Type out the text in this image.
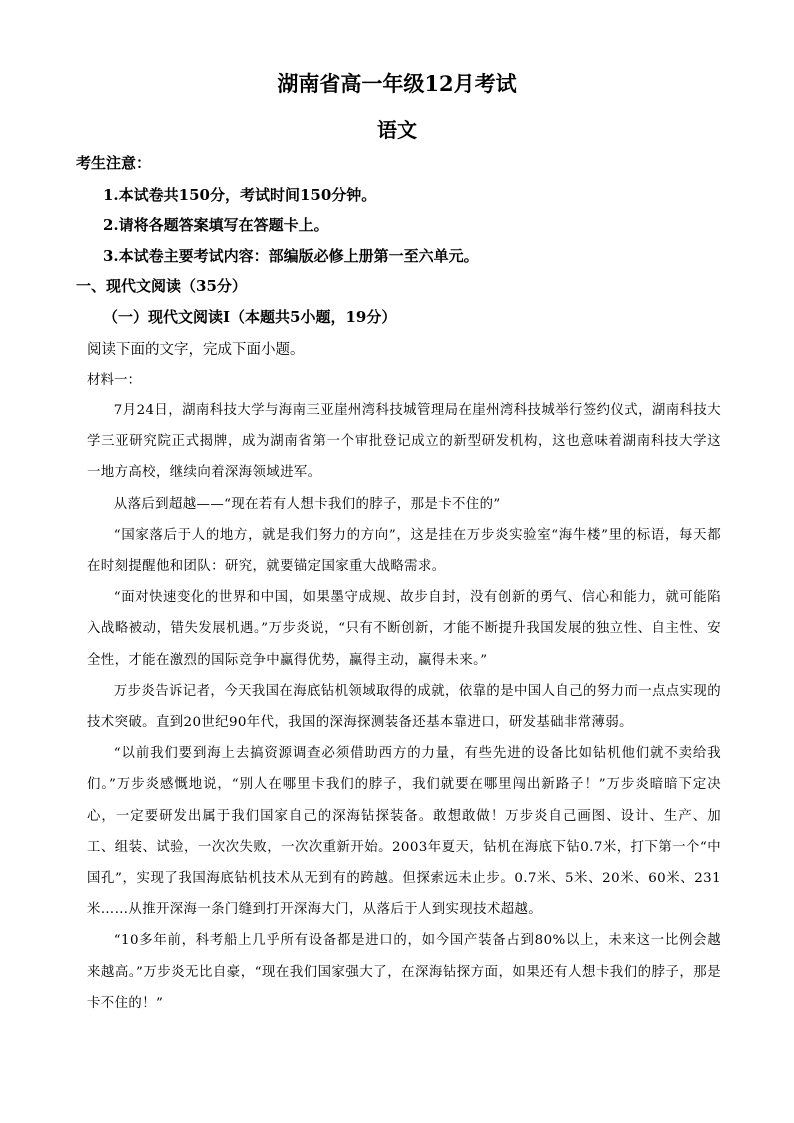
湖南省高一年级12月考试
语文
考生注意：
1.本试卷共150分，考试时间150分钟。
2.请将各题答案填写在答题卡上。
3.本试卷主要考试内容：部编版必修上册第一至六单元。
一、现代文阅读（35分）
（一）现代文阅读Ⅰ（本题共5小题，19分）
阅读下面的文字，完成下面小题。
材料一：

7月24日，湖南科技大学与海南三亚崖州湾科技城管理局在崖州湾科技城举行签约仪式，湖南科技大学三亚研究院正式揭牌，成为湖南省第一个审批登记成立的新型研发机构，这也意味着湖南科技大学这一地方高校，继续向着深海领域进军。

从落后到超越——“现在若有人想卡我们的脖子，那是卡不住的”

“国家落后于人的地方，就是我们努力的方向”，这是挂在万步炎实验室“海牛楼”里的标语，每天都在时刻提醒他和团队：研究，就要锚定国家重大战略需求。

“面对快速变化的世界和中国，如果墨守成规、故步自封，没有创新的勇气、信心和能力，就可能陷入战略被动，错失发展机遇。”万步炎说，“只有不断创新，才能不断提升我国发展的独立性、自主性、安全性，才能在激烈的国际竞争中赢得优势，赢得主动，赢得未来。”

万步炎告诉记者，今天我国在海底钻机领域取得的成就，依靠的是中国人自己的努力而一点点实现的技术突破。直到20世纪90年代，我国的深海探测装备还基本靠进口，研发基础非常薄弱。

“以前我们要到海上去搞资源调查必须借助西方的力量，有些先进的设备比如钻机他们就不卖给我们。”万步炎感慨地说，“别人在哪里卡我们的脖子，我们就要在哪里闯出新路子！”万步炎暗暗下定决心，一定要研发出属于我们国家自己的深海钻探装备。敢想敢做！万步炎自己画图、设计、生产、加工、组装、试验，一次次失败，一次次重新开始。2003年夏天，钻机在海底下钻0.7米，打下第一个“中国孔”，实现了我国海底钻机技术从无到有的跨越。但探索远未止步。0.7米、5米、20米、60米、231米……从推开深海一条门缝到打开深海大门，从落后于人到实现技术超越。

“10多年前，科考船上几乎所有设备都是进口的，如今国产装备占到80%以上，未来这一比例会越来越高。”万步炎无比自豪，“现在我们国家强大了，在深海钻探方面，如果还有人想卡我们的脖子，那是卡不住的！”
